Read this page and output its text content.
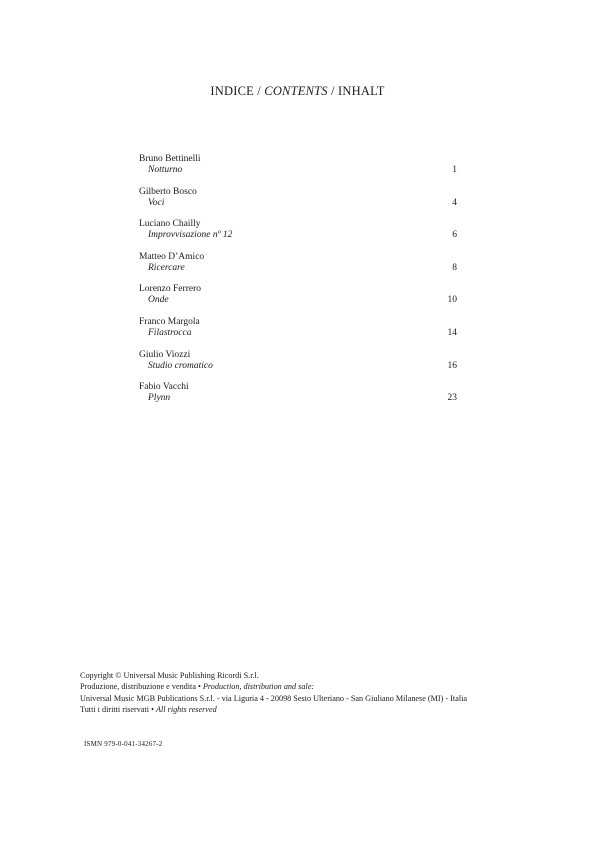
INDICE / CONTENTS / INHALT
Bruno Bettinelli
Notturno	1
Gilberto Bosco
Voci	4
Luciano Chailly
Improvvisazione nº 12	6
Matteo D’Amico
Ricercare	8
Lorenzo Ferrero
Onde	10
Franco Margola
Filastrocca	14
Giulio Viozzi
Studio cromatico	16
Fabio Vacchi
Plynn	23
Copyright © Universal Music Publishing Ricordi S.r.l.
Produzione, distribuzione e vendita • Production, distribution and sale:
Universal Music MGB Publications S.r.l. - via Liguria 4 - 20098 Sesto Ulteriano - San Giuliano Milanese (MI) - Italia
Tutti i diritti riservati • All rights reserved
ISMN 979-0-041-34267-2
